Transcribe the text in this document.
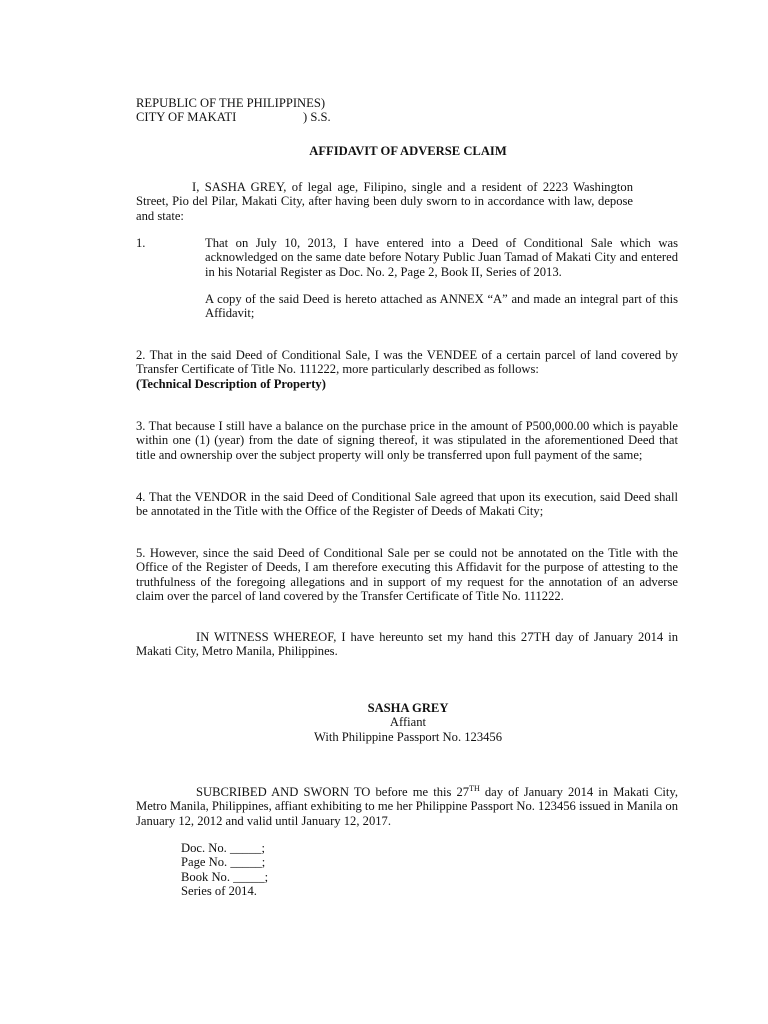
REPUBLIC OF THE PHILIPPINES)
CITY OF MAKATI	) S.S.
AFFIDAVIT OF ADVERSE CLAIM
I, SASHA GREY, of legal age, Filipino, single and a resident of 2223 Washington Street, Pio del Pilar, Makati City, after having been duly sworn to in accordance with law, depose and state:
1.	That on July 10, 2013, I have entered into a Deed of Conditional Sale which was acknowledged on the same date before Notary Public Juan Tamad of Makati City and entered in his Notarial Register as Doc. No. 2, Page 2, Book II, Series of 2013.
A copy of the said Deed is hereto attached as ANNEX “A” and made an integral part of this Affidavit;
2. That in the said Deed of Conditional Sale, I was the VENDEE of a certain parcel of land covered by Transfer Certificate of Title No. 111222, more particularly described as follows:
(Technical Description of Property)
3. That because I still have a balance on the purchase price in the amount of P500,000.00 which is payable within one (1) (year) from the date of signing thereof, it was stipulated in the aforementioned Deed that title and ownership over the subject property will only be transferred upon full payment of the same;
4. That the VENDOR in the said Deed of Conditional Sale agreed that upon its execution, said Deed shall be annotated in the Title with the Office of the Register of Deeds of Makati City;
5. However, since the said Deed of Conditional Sale per se could not be annotated on the Title with the Office of the Register of Deeds, I am therefore executing this Affidavit for the purpose of attesting to the truthfulness of the foregoing allegations and in support of my request for the annotation of an adverse claim over the parcel of land covered by the Transfer Certificate of Title No. 111222.
IN WITNESS WHEREOF, I have hereunto set my hand this 27TH day of January 2014 in Makati City, Metro Manila, Philippines.
SASHA GREY
Affiant
With Philippine Passport No. 123456
SUBCRIBED AND SWORN TO before me this 27TH day of January 2014 in Makati City, Metro Manila, Philippines, affiant exhibiting to me her Philippine Passport No. 123456 issued in Manila on January 12, 2012 and valid until January 12, 2017.
Doc. No. _____;
Page No. _____;
Book No. _____;
Series of 2014.
